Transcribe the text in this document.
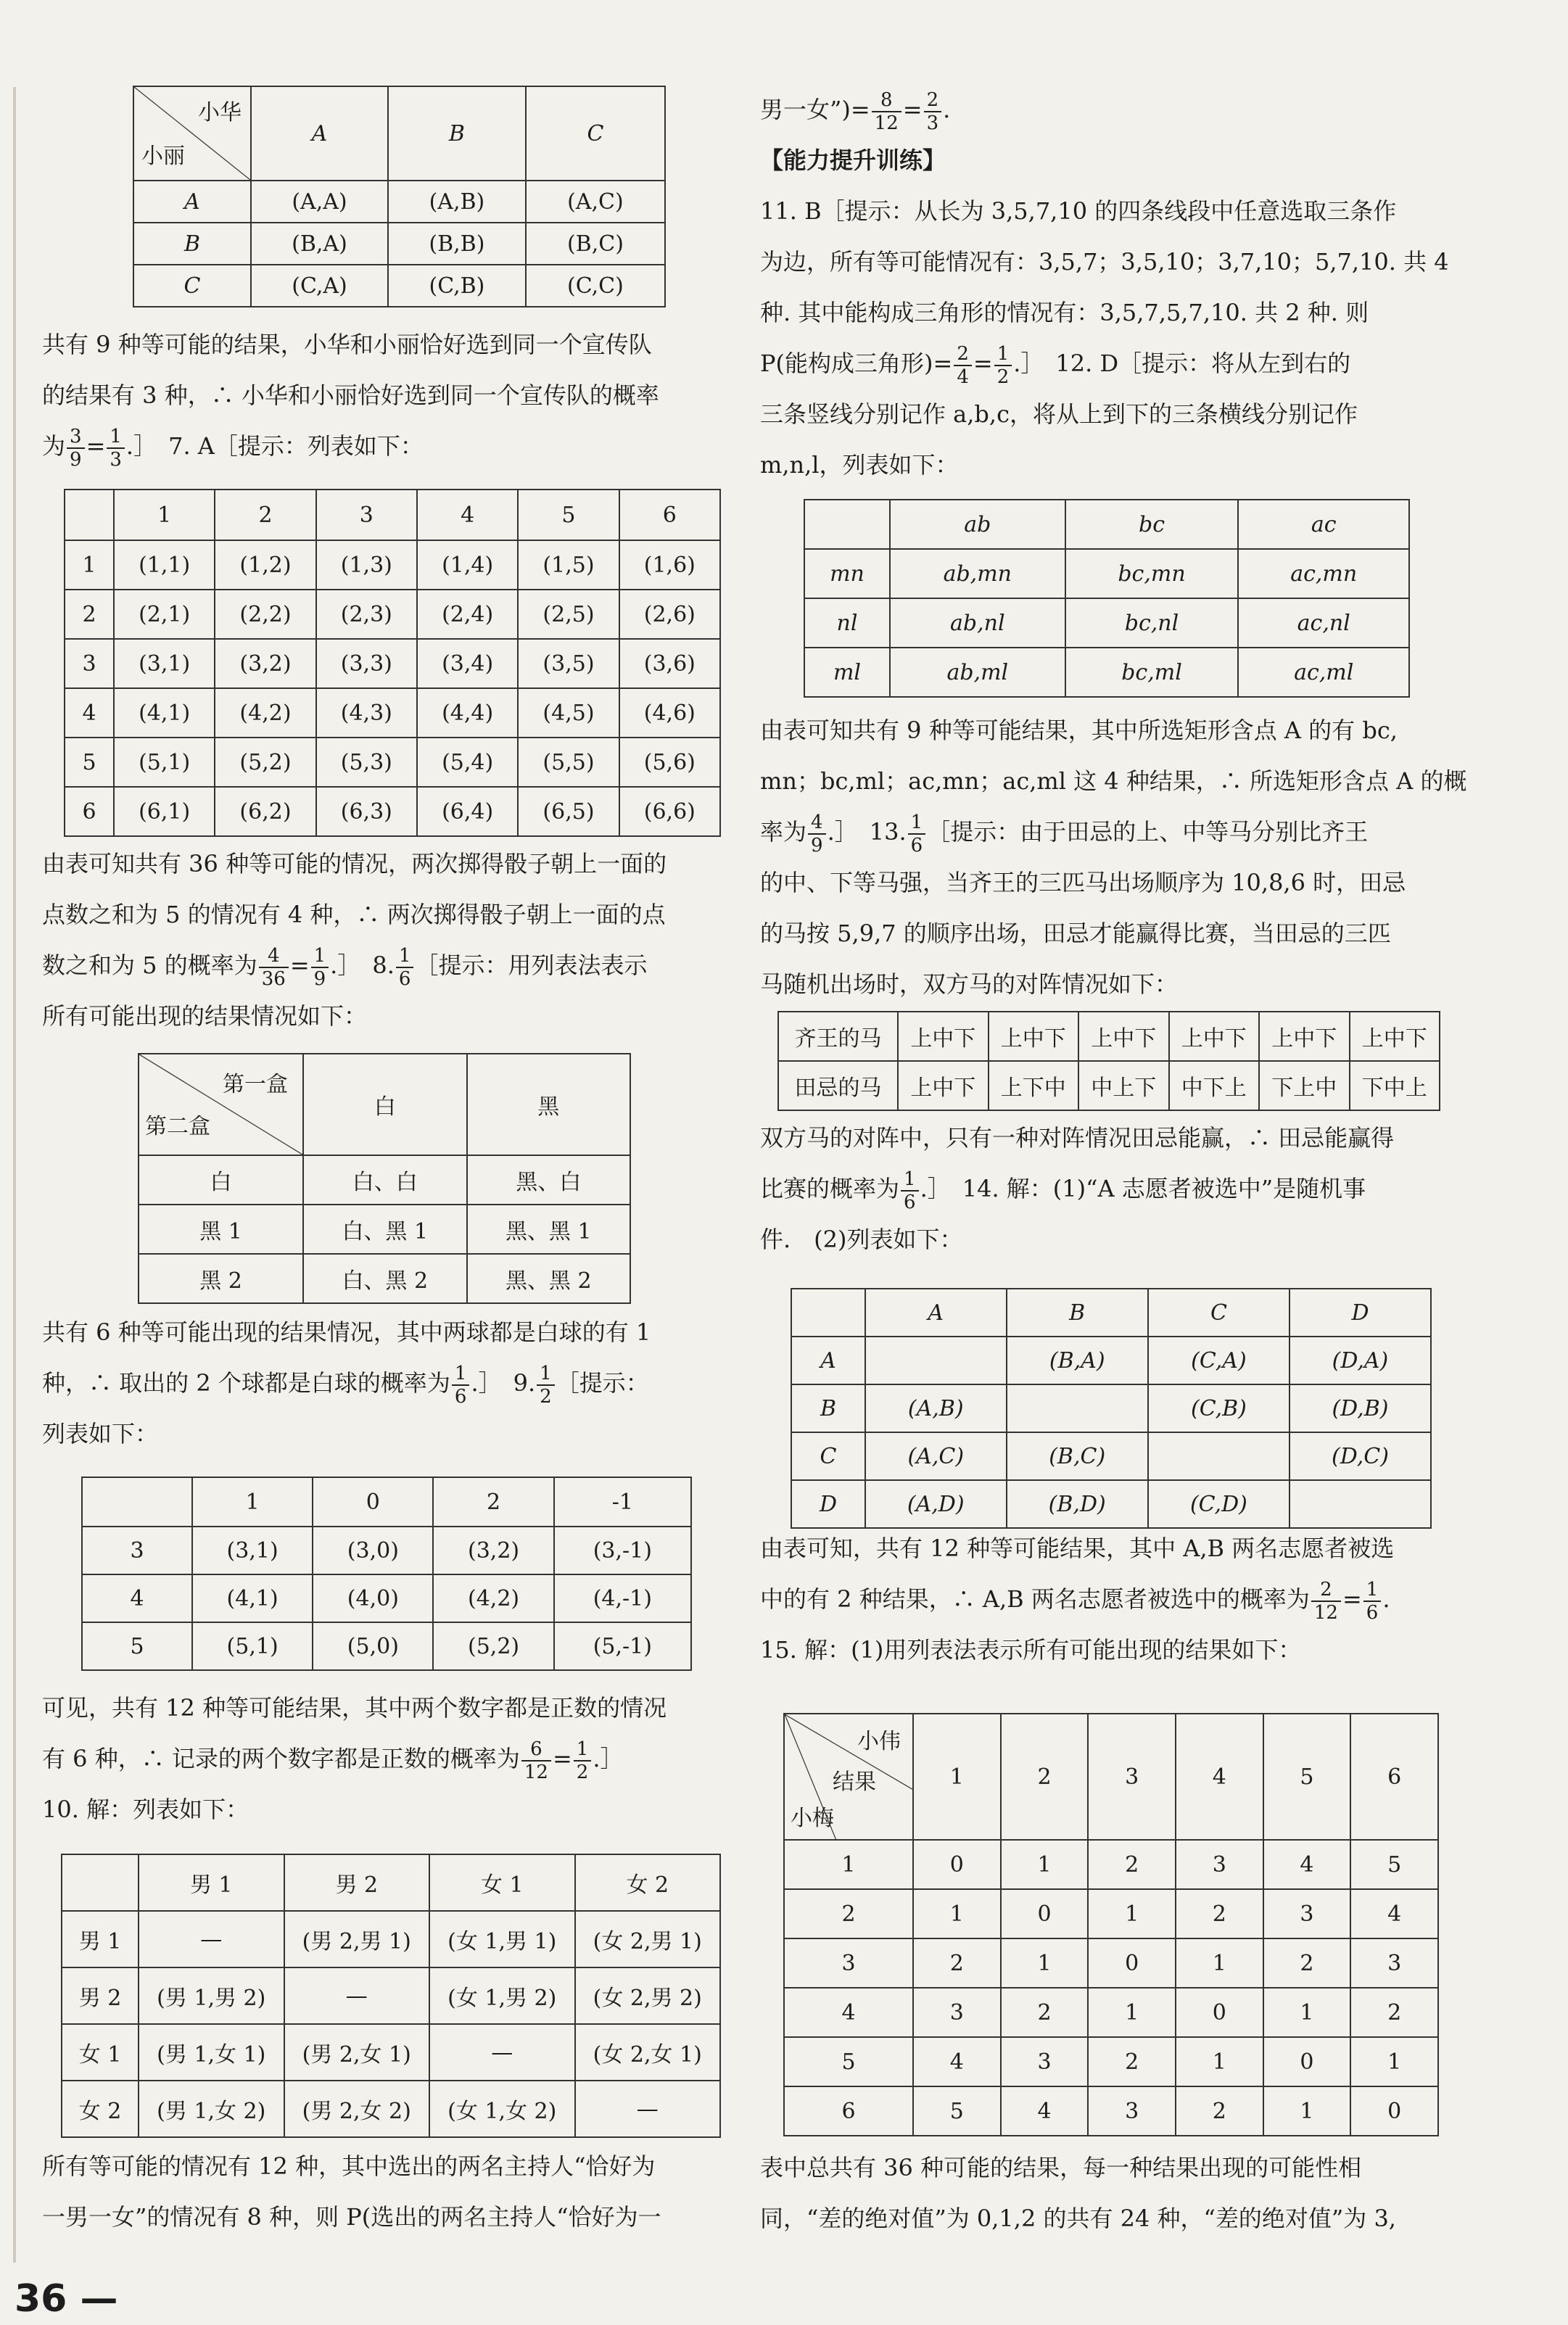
小华
小丽	A	B	C
A	(A,A)	(A,B)	(A,C)
B	(B,A)	(B,B)	(B,C)
C	(C,A)	(C,B)	(C,C)

共有 9 种等可能的结果，小华和小丽恰好选到同一个宣传队

的结果有 3 种，∴ 小华和小丽恰好选到同一个宣传队的概率

为 $\frac{3}{9} = \frac{1}{3}$ .］　7. A［提示：列表如下：

	1	2	3	4	5	6
1	(1,1)	(1,2)	(1,3)	(1,4)	(1,5)	(1,6)
2	(2,1)	(2,2)	(2,3)	(2,4)	(2,5)	(2,6)
3	(3,1)	(3,2)	(3,3)	(3,4)	(3,5)	(3,6)
4	(4,1)	(4,2)	(4,3)	(4,4)	(4,5)	(4,6)
5	(5,1)	(5,2)	(5,3)	(5,4)	(5,5)	(5,6)
6	(6,1)	(6,2)	(6,3)	(6,4)	(6,5)	(6,6)

由表可知共有 36 种等可能的情况，两次掷得骰子朝上一面的

点数之和为 5 的情况有 4 种，∴ 两次掷得骰子朝上一面的点

数之和为 5 的概率为 $\frac{4}{36} = \frac{1}{9}$ .］　8. $\frac{1}{6}$ ［提示：用列表法表示

所有可能出现的结果情况如下：

第一盒
第二盒	白	黑
白	白、白	黑、白
黑 1	白、黑 1	黑、黑 1
黑 2	白、黑 2	黑、黑 2

共有 6 种等可能出现的结果情况，其中两球都是白球的有 1

种，∴ 取出的 2 个球都是白球的概率为 $\frac{1}{6}$ .］　9. $\frac{1}{2}$ ［提示：

列表如下：

	1	0	2	-1
3	(3,1)	(3,0)	(3,2)	(3,-1)
4	(4,1)	(4,0)	(4,2)	(4,-1)
5	(5,1)	(5,0)	(5,2)	(5,-1)

可见，共有 12 种等可能结果，其中两个数字都是正数的情况

有 6 种，∴ 记录的两个数字都是正数的概率为 $\frac{6}{12} = \frac{1}{2}$ .］

10. 解：列表如下：

	男 1	男 2	女 1	女 2
男 1	—	(男 2,男 1)	(女 1,男 1)	(女 2,男 1)
男 2	(男 1,男 2)	—	(女 1,男 2)	(女 2,男 2)
女 1	(男 1,女 1)	(男 2,女 1)	—	(女 2,女 1)
女 2	(男 1,女 2)	(男 2,女 2)	(女 1,女 2)	—

所有等可能的情况有 12 种，其中选出的两名主持人“恰好为

一男一女”的情况有 8 种，则 P(选出的两名主持人“恰好为一

男一女”)= $\frac{8}{12} = \frac{2}{3}$ .

【能力提升训练】

11. B［提示：从长为 3,5,7,10 的四条线段中任意选取三条作

为边，所有等可能情况有：3,5,7；3,5,10；3,7,10；5,7,10. 共 4

种. 其中能构成三角形的情况有：3,5,7,5,7,10. 共 2 种. 则

P(能构成三角形)= $\frac{2}{4} = \frac{1}{2}$ .］　12. D［提示：将从左到右的

三条竖线分别记作 a,b,c，将从上到下的三条横线分别记作

m,n,l，列表如下：

	ab	bc	ac
mn	ab,mn	bc,mn	ac,mn
nl	ab,nl	bc,nl	ac,nl
ml	ab,ml	bc,ml	ac,ml

由表可知共有 9 种等可能结果，其中所选矩形含点 A 的有 bc,

mn；bc,ml；ac,mn；ac,ml 这 4 种结果，∴ 所选矩形含点 A 的概

率为 $\frac{4}{9}$ .］　13. $\frac{1}{6}$ ［提示：由于田忌的上、中等马分别比齐王

的中、下等马强，当齐王的三匹马出场顺序为 10,8,6 时，田忌

的马按 5,9,7 的顺序出场，田忌才能赢得比赛，当田忌的三匹

马随机出场时，双方马的对阵情况如下：

齐王的马	上中下	上中下	上中下	上中下	上中下	上中下
田忌的马	上中下	上下中	中上下	中下上	下上中	下中上

双方马的对阵中，只有一种对阵情况田忌能赢，∴ 田忌能赢得

比赛的概率为 $\frac{1}{6}$ .］　14. 解：(1)“A 志愿者被选中”是随机事

件.　(2)列表如下：

	A	B	C	D
A		(B,A)	(C,A)	(D,A)
B	(A,B)		(C,B)	(D,B)
C	(A,C)	(B,C)		(D,C)
D	(A,D)	(B,D)	(C,D)	

由表可知，共有 12 种等可能结果，其中 A,B 两名志愿者被选

中的有 2 种结果，∴ A,B 两名志愿者被选中的概率为 $\frac{2}{12} = \frac{1}{6}$ .

15. 解：(1)用列表法表示所有可能出现的结果如下：

小伟
结果
小梅	1	2	3	4	5	6
1	0	1	2	3	4	5
2	1	0	1	2	3	4
3	2	1	0	1	2	3
4	3	2	1	0	1	2
5	4	3	2	1	0	1
6	5	4	3	2	1	0

表中总共有 36 种可能的结果，每一种结果出现的可能性相

同，“差的绝对值”为 0,1,2 的共有 24 种，“差的绝对值”为 3,

36 —
